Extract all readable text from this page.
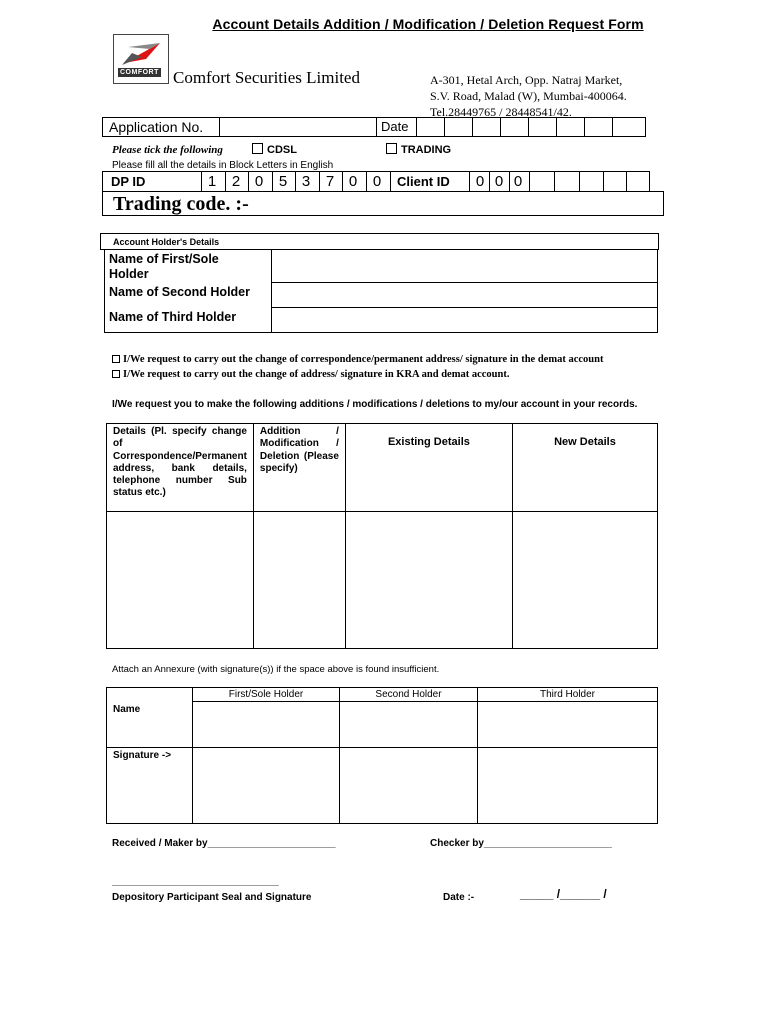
Account Details Addition / Modification / Deletion Request Form
COMFORT Comfort Securities Limited	A-301, Hetal Arch, Opp. Natraj Market,
S.V. Road, Malad (W), Mumbai-400064.
Tel.28449765 / 28448541/42.
Application No.	Date
Please tick the following	CDSL	TRADING
Please fill all the details in Block Letters in English
DP ID	1	2 0	5 3	7 0	0	Client ID	0 0 0
Trading code. :-
Account Holder's Details
Name of First/Sole Holder
Name of Second Holder
Name of Third Holder
I/We request to carry out the change of correspondence/permanent address/ signature in the demat account
I/We request to carry out the change of address/ signature in KRA and demat account.
I/We request you to make the following additions / modifications / deletions to my/our account in your records.
Details (Pl. specify change of Correspondence/Permanent address, bank details, telephone number Sub status etc.)	Addition / Modification / Deletion (Please specify)	Existing Details	New Details

Attach an Annexure (with signature(s)) if the space above is found insufficient.
	First/Sole Holder	Second Holder	Third Holder
Name			
Signature ->			
Received / Maker by_______________________	Checker by_______________________
______________________________
Depository Participant Seal and Signature	Date :-	_____ /______ /
